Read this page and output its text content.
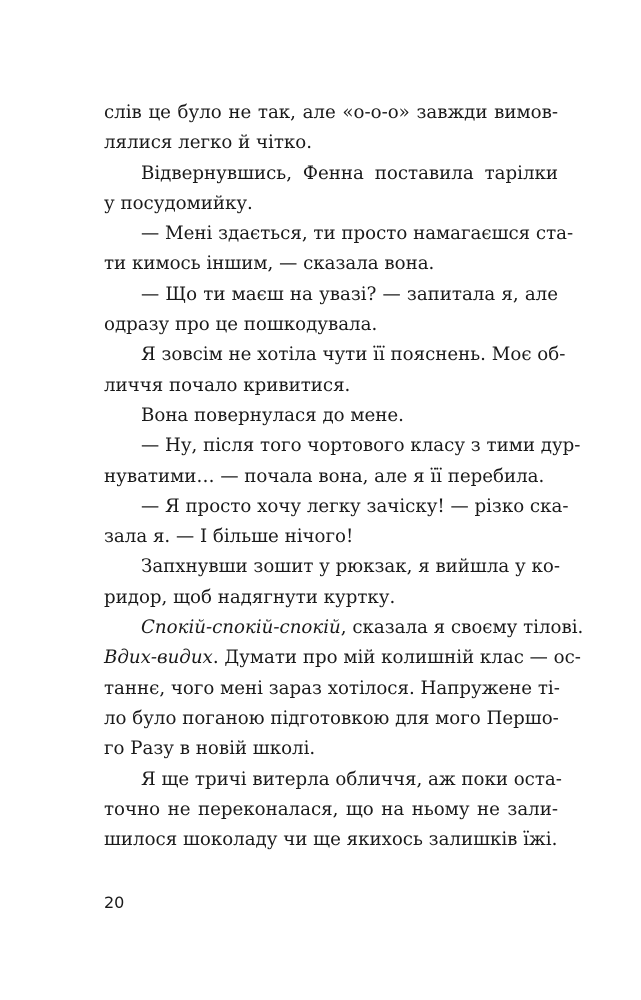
слів це було не так, але «о-о-о» завжди вимов-
лялися легко й чітко.
Відвернувшись, Фенна поставила тарілки
у посудомийку.
— Мені здається, ти просто намагаєшся ста-
ти кимось іншим, — сказала вона.
— Що ти маєш на увазі? — запитала я, але
одразу про це пошкодувала.
Я зовсім не хотіла чути її пояснень. Моє об-
личчя почало кривитися.
Вона повернулася до мене.
— Ну, після того чортового класу з тими дур-
нуватими… — почала вона, але я її перебила.
— Я просто хочу легку зачіску! — різко ска-
зала я. — І більше нічого!
Запхнувши зошит у рюкзак, я вийшла у ко-
ридор, щоб надягнути куртку.
Спокій-спокій-спокій, сказала я своєму тілові.
Вдих-видих. Думати про мій колишній клас — ос-
таннє, чого мені зараз хотілося. Напружене ті-
ло було поганою підготовкою для мого Першо-
го Разу в новій школі.
Я ще тричі витерла обличчя, аж поки оста-
точно не переконалася, що на ньому не зали-
шилося шоколаду чи ще якихось залишків їжі.
20
